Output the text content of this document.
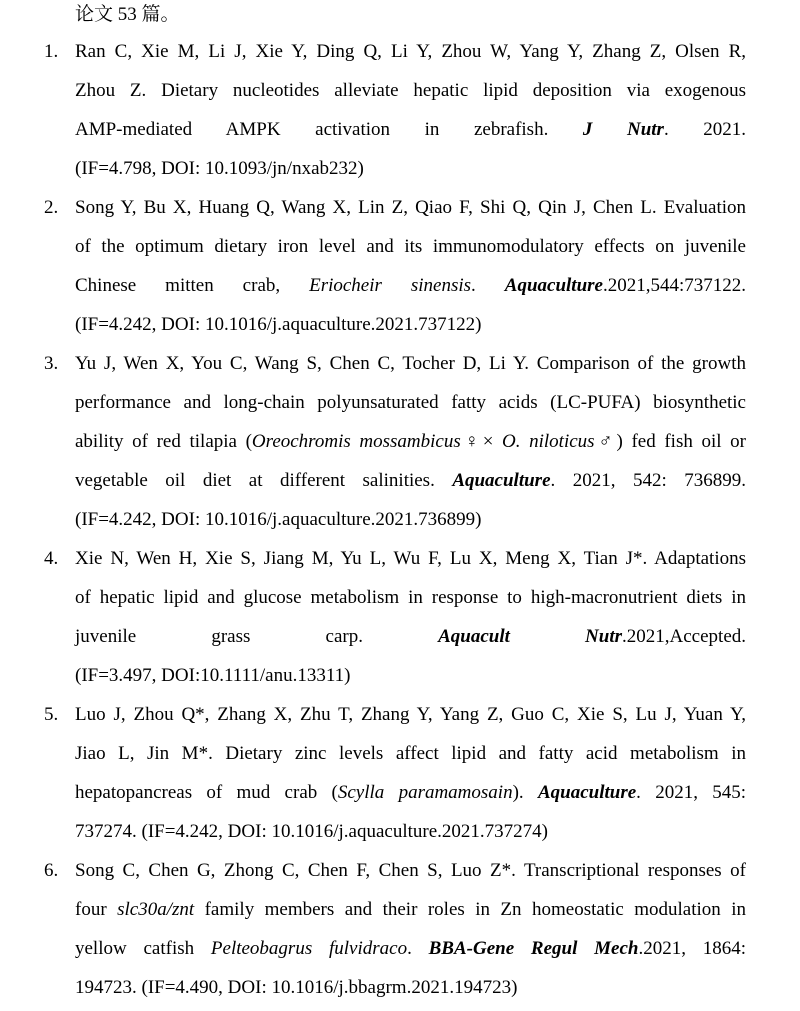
论文 53 篇。
1. Ran C, Xie M, Li J, Xie Y, Ding Q, Li Y, Zhou W, Yang Y, Zhang Z, Olsen R,
Zhou Z. Dietary nucleotides alleviate hepatic lipid deposition via exogenous
AMP-mediated AMPK activation in zebrafish. J Nutr. 2021.
(IF=4.798, DOI: 10.1093/jn/nxab232)
2. Song Y, Bu X, Huang Q, Wang X, Lin Z, Qiao F, Shi Q, Qin J, Chen L. Evaluation
of the optimum dietary iron level and its immunomodulatory effects on juvenile
Chinese mitten crab, Eriocheir sinensis. Aquaculture.2021,544:737122.
(IF=4.242, DOI: 10.1016/j.aquaculture.2021.737122)
3. Yu J, Wen X, You C, Wang S, Chen C, Tocher D, Li Y. Comparison of the growth
performance and long-chain polyunsaturated fatty acids (LC-PUFA) biosynthetic
ability of red tilapia (Oreochromis mossambicus♀× O. niloticus♂) fed fish oil or
vegetable oil diet at different salinities. Aquaculture. 2021, 542: 736899.
(IF=4.242, DOI: 10.1016/j.aquaculture.2021.736899)
4. Xie N, Wen H, Xie S, Jiang M, Yu L, Wu F, Lu X, Meng X, Tian J*. Adaptations
of hepatic lipid and glucose metabolism in response to high-macronutrient diets in
juvenile grass carp. Aquacult Nutr.2021,Accepted.
(IF=3.497, DOI:10.1111/anu.13311)
5. Luo J, Zhou Q*, Zhang X, Zhu T, Zhang Y, Yang Z, Guo C, Xie S, Lu J, Yuan Y,
Jiao L, Jin M*. Dietary zinc levels affect lipid and fatty acid metabolism in
hepatopancreas of mud crab (Scylla paramamosain). Aquaculture. 2021, 545:
737274. (IF=4.242, DOI: 10.1016/j.aquaculture.2021.737274)
6. Song C, Chen G, Zhong C, Chen F, Chen S, Luo Z*. Transcriptional responses of
four slc30a/znt family members and their roles in Zn homeostatic modulation in
yellow catfish Pelteobagrus fulvidraco. BBA-Gene Regul Mech.2021, 1864:
194723. (IF=4.490, DOI: 10.1016/j.bbagrm.2021.194723)
